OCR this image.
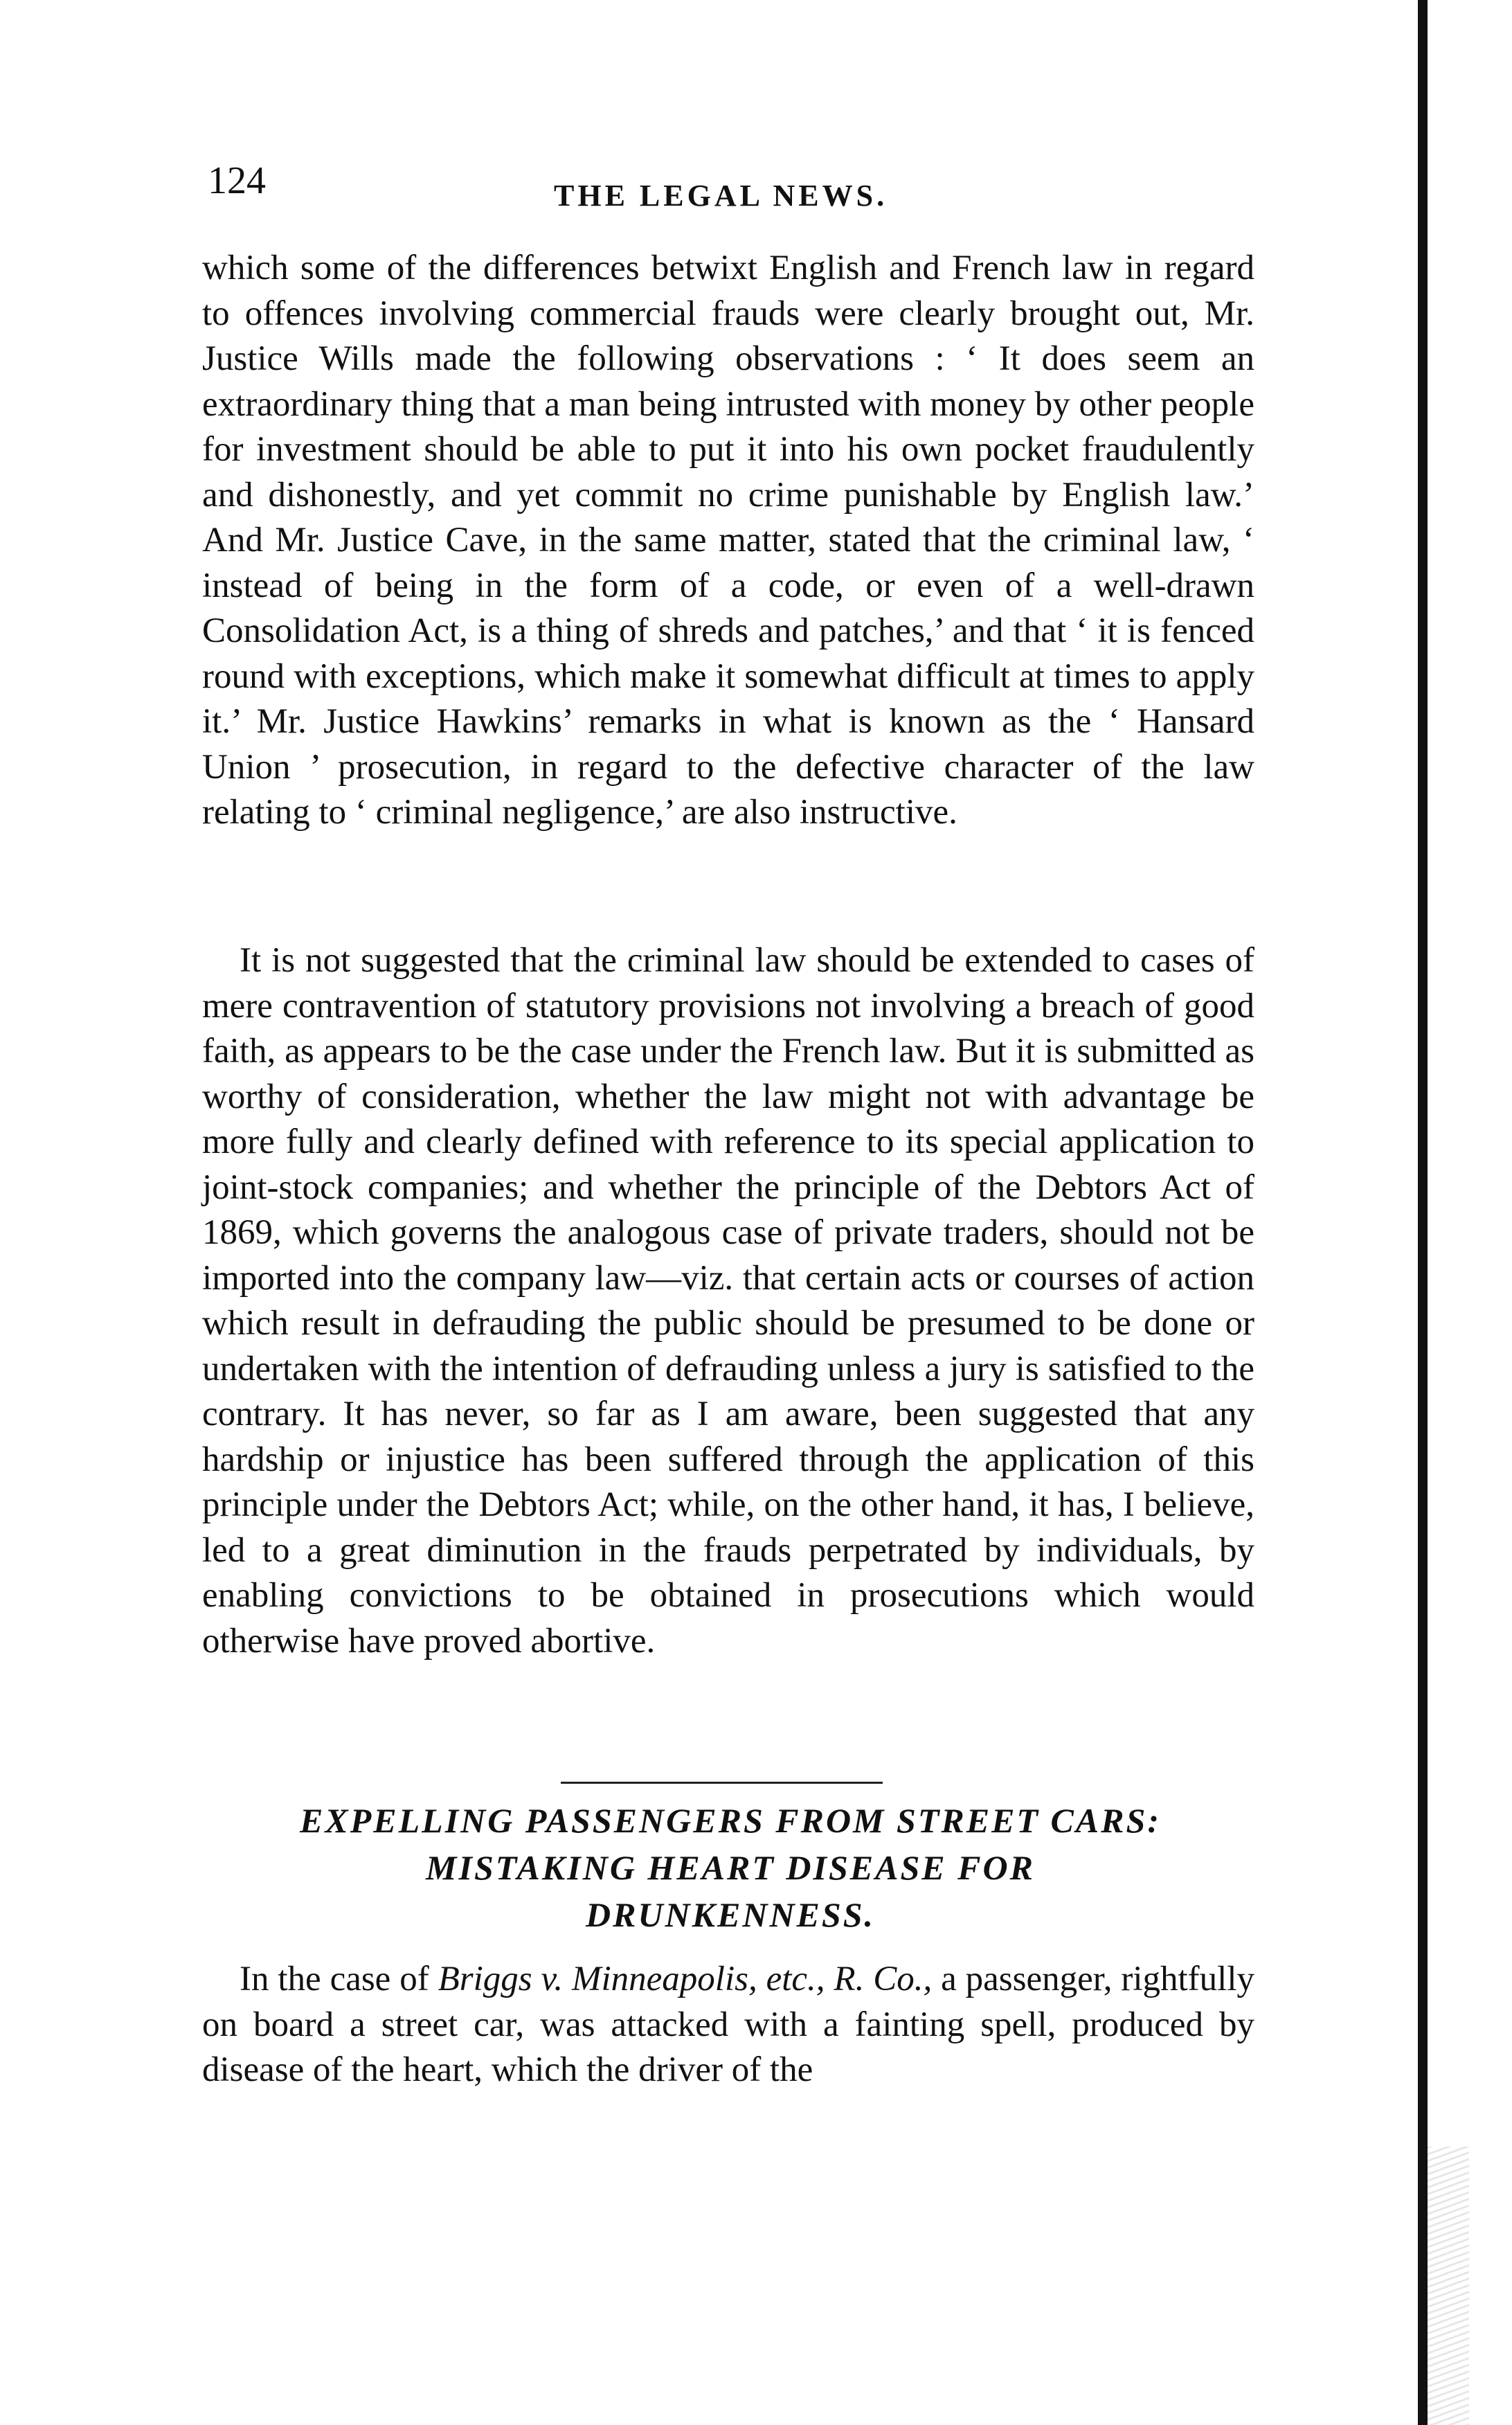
124	THE LEGAL NEWS.

which some of the differences betwixt English and French law in regard to offences involving commercial frauds were clearly brought out, Mr. Justice Wills made the following observations : ‘ It does seem an extraordinary thing that a man being intrusted with money by other people for investment should be able to put it into his own pocket fraudulently and dishonestly, and yet commit no crime punishable by English law.’ And Mr. Justice Cave, in the same matter, stated that the criminal law, ‘ instead of being in the form of a code, or even of a well-drawn Consolidation Act, is a thing of shreds and patches,’ and that ‘ it is fenced round with exceptions, which make it somewhat difficult at times to apply it.’ Mr. Justice Hawkins’ remarks in what is known as the ‘ Hansard Union ’ prosecution, in regard to the defective character of the law relating to ‘ criminal negligence,’ are also instructive.

It is not suggested that the criminal law should be extended to cases of mere contravention of statutory provisions not involving a breach of good faith, as appears to be the case under the French law. But it is submitted as worthy of consideration, whether the law might not with advantage be more fully and clearly defined with reference to its special application to joint-stock companies; and whether the principle of the Debtors Act of 1869, which governs the analogous case of private traders, should not be imported into the company law—viz. that certain acts or courses of action which result in defrauding the public should be presumed to be done or undertaken with the intention of defrauding unless a jury is satisfied to the contrary. It has never, so far as I am aware, been suggested that any hardship or injustice has been suffered through the application of this principle under the Debtors Act; while, on the other hand, it has, I believe, led to a great diminution in the frauds perpetrated by individuals, by enabling convictions to be obtained in prosecutions which would otherwise have proved abortive.

EXPELLING PASSENGERS FROM STREET CARS:
MISTAKING HEART DISEASE FOR
DRUNKENNESS.

In the case of Briggs v. Minneapolis, etc., R. Co., a passenger, rightfully on board a street car, was attacked with a fainting spell, produced by disease of the heart, which the driver of the
